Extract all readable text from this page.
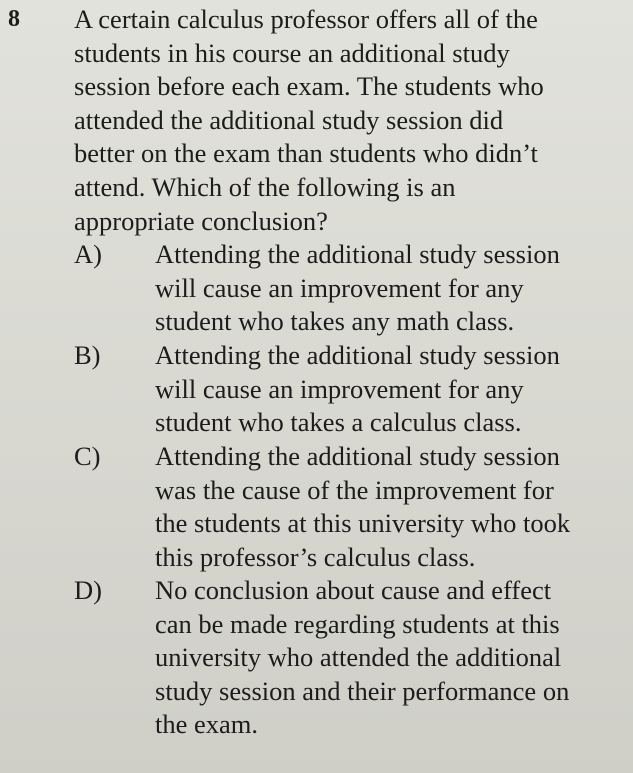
8 A certain calculus professor offers all of the
students in his course an additional study
session before each exam. The students who
attended the additional study session did
better on the exam than students who didn’t
attend. Which of the following is an
appropriate conclusion?

A) Attending the additional study session
will cause an improvement for any
student who takes any math class.
B) Attending the additional study session
will cause an improvement for any
student who takes a calculus class.
C) Attending the additional study session
was the cause of the improvement for
the students at this university who took
this professor’s calculus class.
D) No conclusion about cause and effect
can be made regarding students at this
university who attended the additional
study session and their performance on
the exam.
